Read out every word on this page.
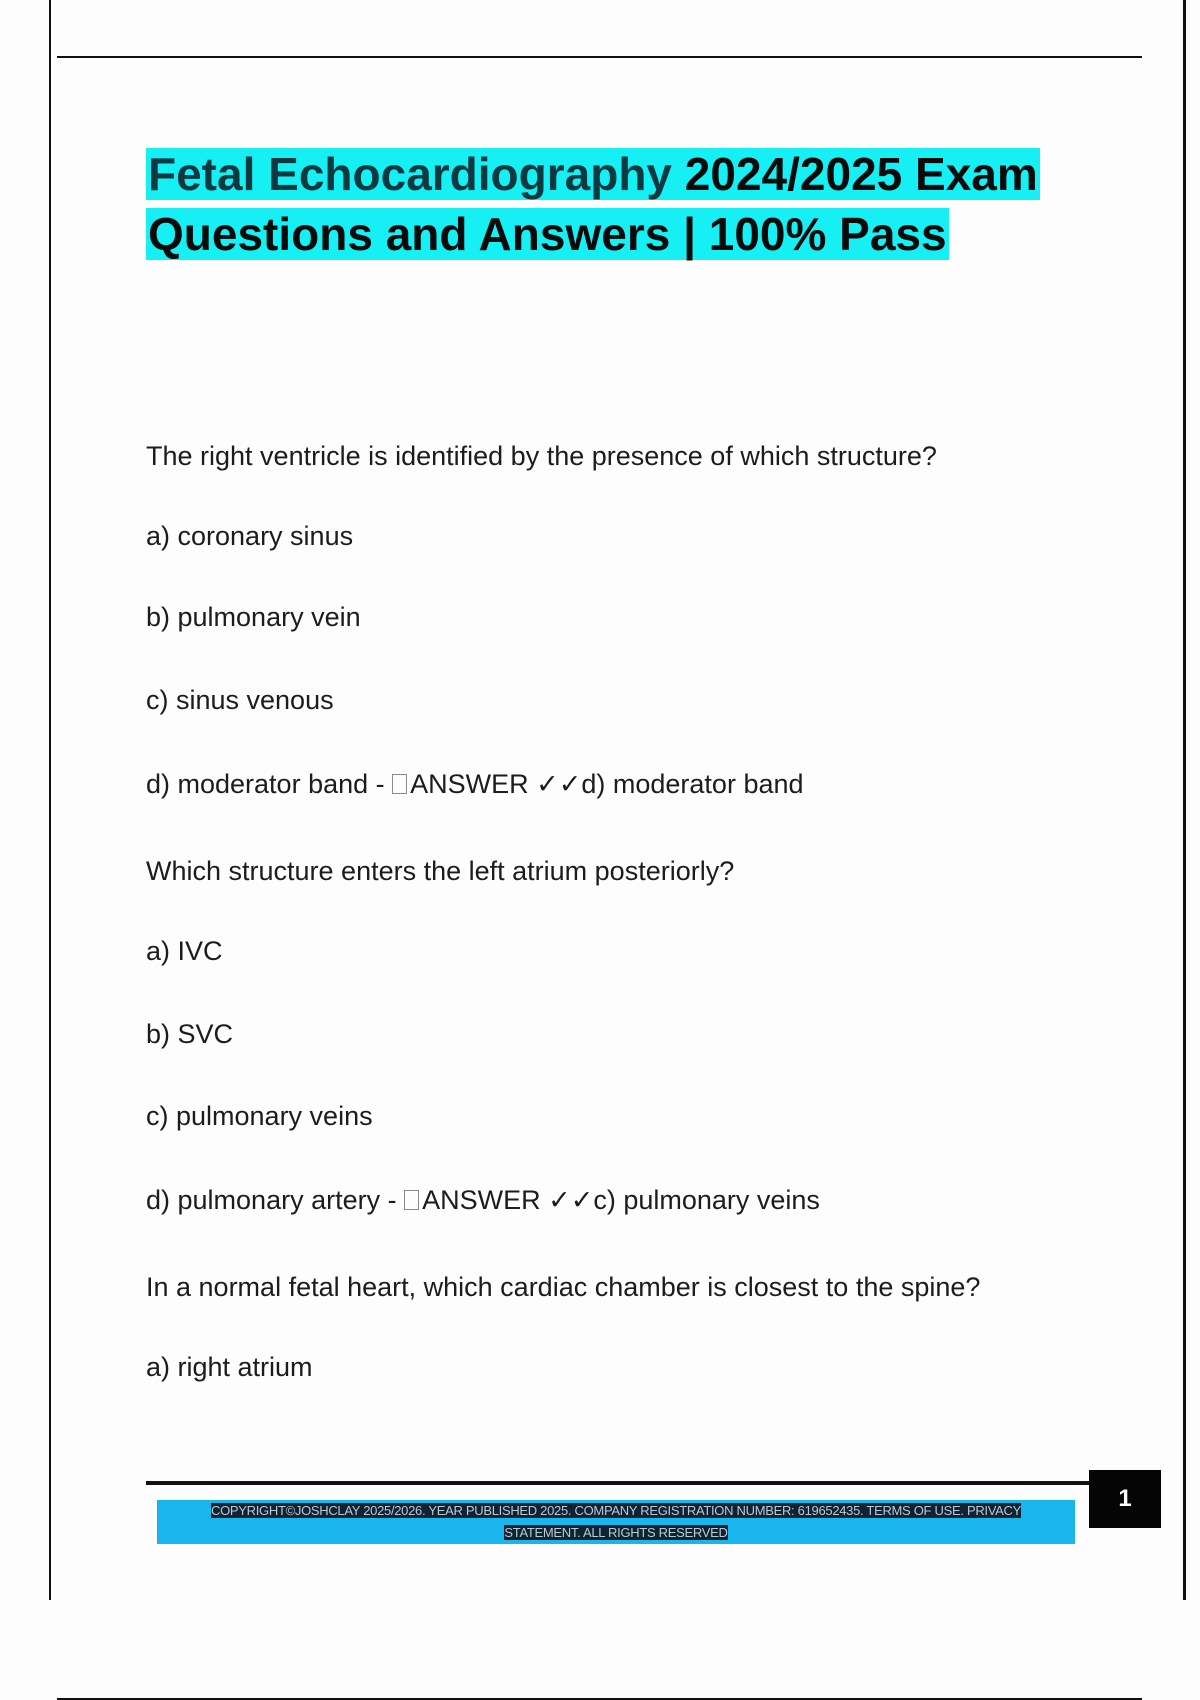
Fetal Echocardiography 2024/2025 Exam
Questions and Answers | 100% Pass
The right ventricle is identified by the presence of which structure?
a) coronary sinus
b) pulmonary vein
c) sinus venous
d) moderator band - ANSWER ✓✓d) moderator band
Which structure enters the left atrium posteriorly?
a) IVC
b) SVC
c) pulmonary veins
d) pulmonary artery - ANSWER ✓✓c) pulmonary veins
In a normal fetal heart, which cardiac chamber is closest to the spine?
a) right atrium
COPYRIGHT©JOSHCLAY 2025/2026. YEAR PUBLISHED 2025. COMPANY REGISTRATION NUMBER: 619652435. TERMS OF USE. PRIVACY
STATEMENT. ALL RIGHTS RESERVED
1
